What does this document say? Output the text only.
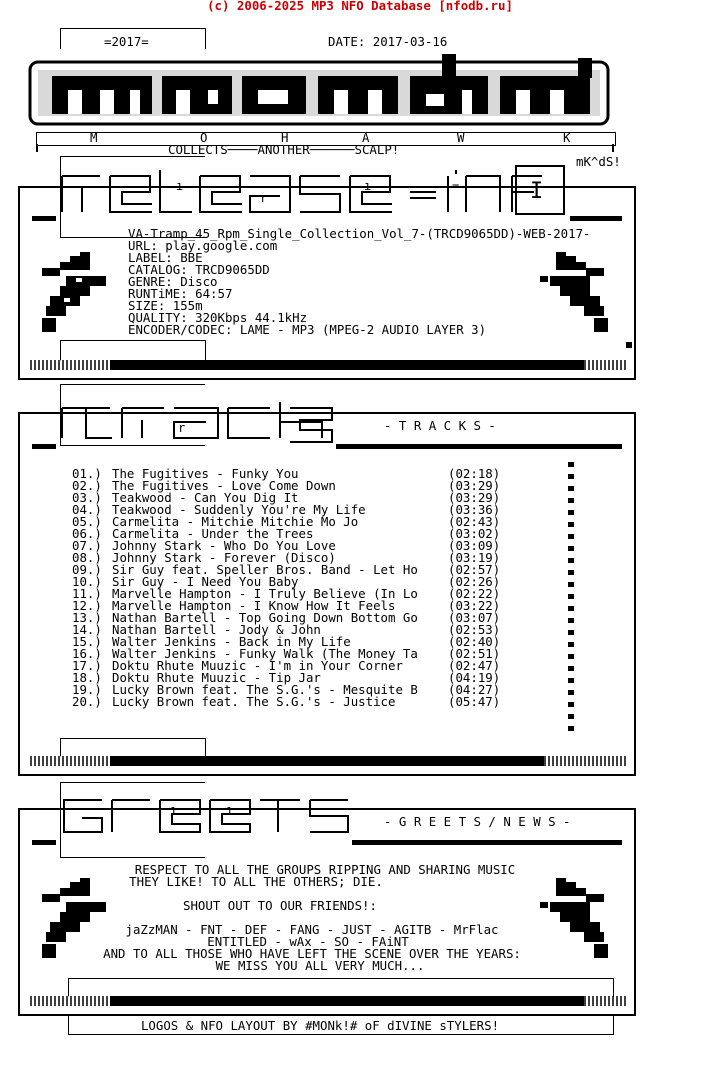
(c) 2006-2025 MP3 NFO Database [nfodb.ru]
=2017=	DATE: 2017-03-16
M	O	H	A	W	K
COLLECTS────ANOTHER──────SCALP!
mK^dS!
I
ı
r
ı	=
VA-Tramp_45_Rpm_Single_Collection_Vol_7-(TRCD9065DD)-WEB-2017-
URL: play.google.com
LABEL: BBE
CATALOG: TRCD9065DD
GENRE: Disco
RUNTiME: 64:57
SIZE: 155m
QUALITY: 320Kbps 44.1kHz
ENCODER/CODEC: LAME - MP3 (MPEG-2 AUDIO LAYER 3)
r	- T R A C K S -
01.) The Fugitives - Funky You	(02:18)
02.) The Fugitives - Love Come Down	(03:29)
03.) Teakwood - Can You Dig It	(03:29)
04.) Teakwood - Suddenly You're My Life	(03:36)
05.) Carmelita - Mitchie Mitchie Mo Jo	(02:43)
06.) Carmelita - Under the Trees	(03:02)
07.) Johnny Stark - Who Do You Love	(03:09)
08.) Johnny Stark - Forever (Disco)	(03:19)
09.) Sir Guy feat. Speller Bros. Band - Let Ho (02:57)
10.) Sir Guy - I Need You Baby	(02:26)
11.) Marvelle Hampton - I Truly Believe (In Lo (02:22)
12.) Marvelle Hampton - I Know How It Feels	(03:22)
13.) Nathan Bartell - Top Going Down Bottom Go (03:07)
14.) Nathan Bartell - Jody & John	(02:53)
15.) Walter Jenkins - Back in My Life	(02:40)
16.) Walter Jenkins - Funky Walk (The Money Ta (02:51)
17.) Doktu Rhute Muuzic - I'm in Your Corner	(02:47)
18.) Doktu Rhute Muuzic - Tip Jar	(04:19)
19.) Lucky Brown feat. The S.G.'s - Mesquite B (04:27)
20.) Lucky Brown feat. The S.G.'s - Justice	(05:47)
ı	ı
- G R E E T S / N E W S -
RESPECT TO ALL THE GROUPS RIPPING AND SHARING MUSIC
THEY LIKE! TO ALL THE OTHERS; DIE.
SHOUT OUT TO OUR FRIENDS!:
jaZzMAN - FNT - DEF - FANG - JUST - AGITB - MrFlac
ENTITLED - wAx - SO - FAiNT
AND TO ALL THOSE WHO HAVE LEFT THE SCENE OVER THE YEARS:
WE MISS YOU ALL VERY MUCH...
LOGOS & NFO LAYOUT BY #MONk!# oF dIVINE sTYLERS!
